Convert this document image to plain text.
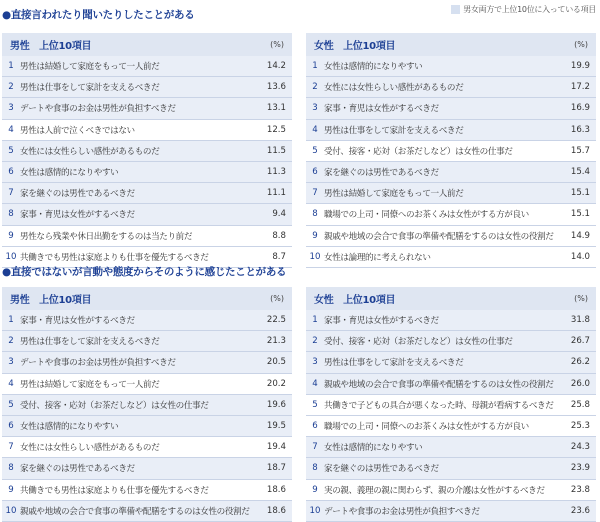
●直接言われたり聞いたりしたことがある	男女両方で上位10位に入っている項目
男性　上位10項目	(%)
1 男性は結婚して家庭をもって一人前だ	14.2
2 男性は仕事をして家計を支えるべきだ	13.6
3 デートや食事のお金は男性が負担すべきだ	13.1
4 男性は人前で泣くべきではない	12.5
5 女性には女性らしい感性があるものだ	11.5
6 女性は感情的になりやすい	11.3
7 家を継ぐのは男性であるべきだ	11.1
8 家事・育児は女性がするべきだ	9.4
9 男性なら残業や休日出勤をするのは当たり前だ	8.8
10 共働きでも男性は家庭よりも仕事を優先するべきだ	8.7
女性　上位10項目	(%)
1 女性は感情的になりやすい	19.9
2 女性には女性らしい感性があるものだ	17.2
3 家事・育児は女性がするべきだ	16.9
4 男性は仕事をして家計を支えるべきだ	16.3
5 受付、接客・応対（お茶だしなど）は女性の仕事だ	15.7
6 家を継ぐのは男性であるべきだ	15.4
7 男性は結婚して家庭をもって一人前だ	15.1
8 職場での上司・同僚へのお茶くみは女性がする方が良い	15.1
9 親戚や地域の会合で食事の準備や配膳をするのは女性の役割だ	14.9
10 女性は論理的に考えられない	14.0
●直接ではないが言動や態度からそのように感じたことがある
男性　上位10項目	(%)
1 家事・育児は女性がするべきだ	22.5
2 男性は仕事をして家計を支えるべきだ	21.3
3 デートや食事のお金は男性が負担すべきだ	20.5
4 男性は結婚して家庭をもって一人前だ	20.2
5 受付、接客・応対（お茶だしなど）は女性の仕事だ	19.6
6 女性は感情的になりやすい	19.5
7 女性には女性らしい感性があるものだ	19.4
8 家を継ぐのは男性であるべきだ	18.7
9 共働きでも男性は家庭よりも仕事を優先するべきだ	18.6
10 親戚や地域の会合で食事の準備や配膳をするのは女性の役割だ	18.6
女性　上位10項目	(%)
1 家事・育児は女性がするべきだ	31.8
2 受付、接客・応対（お茶だしなど）は女性の仕事だ	26.7
3 男性は仕事をして家計を支えるべきだ	26.2
4 親戚や地域の会合で食事の準備や配膳をするのは女性の役割だ	26.0
5 共働きで子どもの具合が悪くなった時、母親が看病するべきだ	25.8
6 職場での上司・同僚へのお茶くみは女性がする方が良い	25.3
7 女性は感情的になりやすい	24.3
8 家を継ぐのは男性であるべきだ	23.9
9 実の親、義理の親に関わらず、親の介護は女性がするべきだ	23.8
10 デートや食事のお金は男性が負担すべきだ	23.6
